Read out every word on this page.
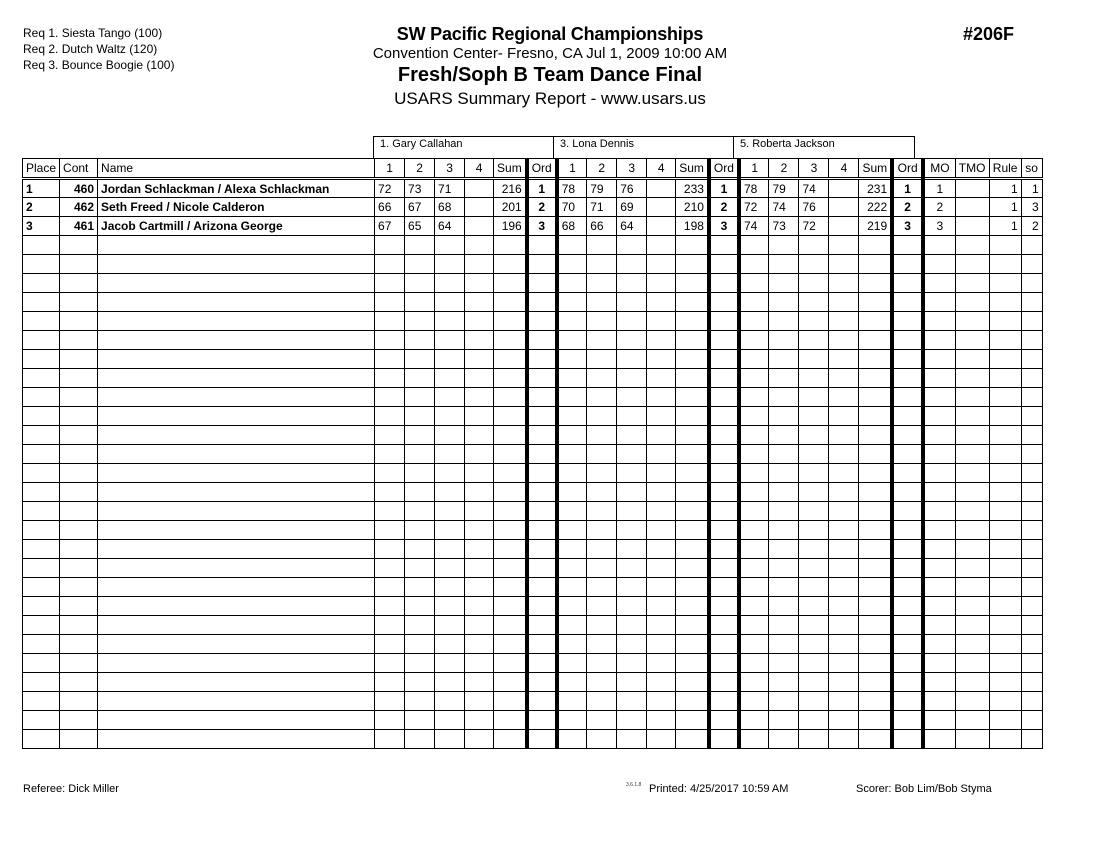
Req 1. Siesta Tango (100)
Req 2. Dutch Waltz (120)
Req 3. Bounce Boogie (100)
SW Pacific Regional Championships
Convention Center- Fresno, CA Jul 1, 2009 10:00 AM
Fresh/Soph B Team Dance Final
USARS Summary Report - www.usars.us
#206F
1. Gary Callahan	3. Lona Dennis	5. Roberta Jackson
Place	Cont	Name	1	2	3	4	Sum	Ord	1	2	3	4	Sum	Ord	1	2	3	4	Sum	Ord	MO	TMO	Rule	so
1	460	Jordan Schlackman / Alexa Schlackman	72	73	71		216	1	78	79	76		233	1	78	79	74		231	1	1		1	1
2	462	Seth Freed / Nicole Calderon	66	67	68		201	2	70	71	69		210	2	72	74	76		222	2	2		1	3
3	461	Jacob Cartmill / Arizona George	67	65	64		196	3	68	66	64		198	3	74	73	72		219	3	3		1	2

Referee: Dick Miller	3.6.1.8 Printed: 4/25/2017 10:59 AM	Scorer: Bob Lim/Bob Styma
